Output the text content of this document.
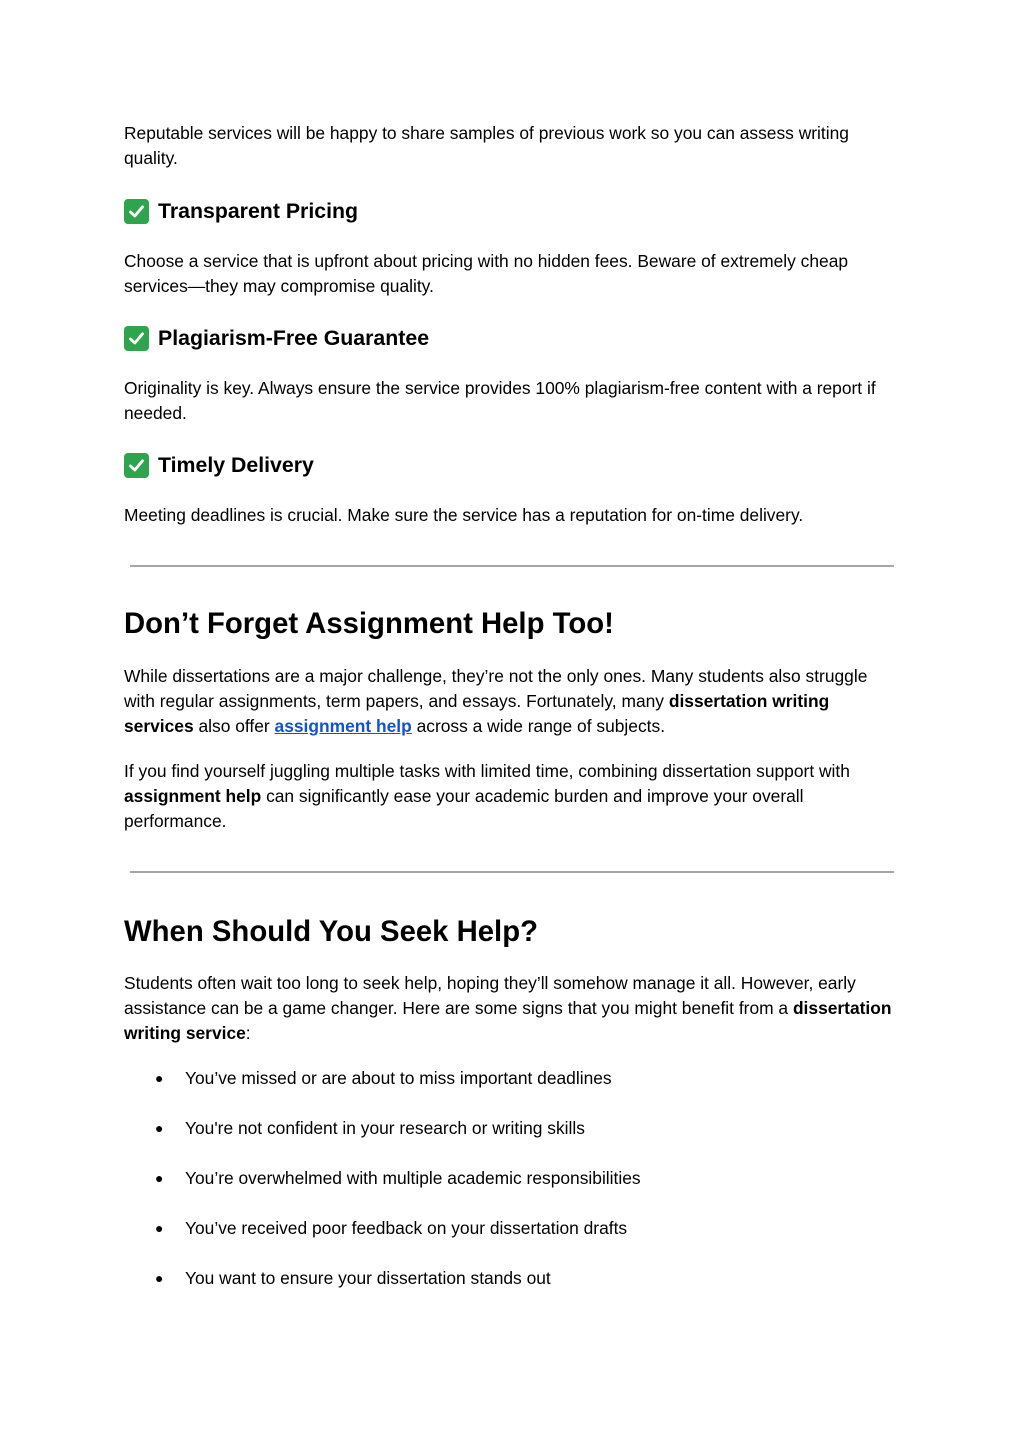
Reputable services will be happy to share samples of previous work so you can assess writing quality.

Transparent Pricing

Choose a service that is upfront about pricing with no hidden fees. Beware of extremely cheap services—they may compromise quality.

Plagiarism-Free Guarantee

Originality is key. Always ensure the service provides 100% plagiarism-free content with a report if needed.

Timely Delivery

Meeting deadlines is crucial. Make sure the service has a reputation for on-time delivery.

Don’t Forget Assignment Help Too!

While dissertations are a major challenge, they’re not the only ones. Many students also struggle with regular assignments, term papers, and essays. Fortunately, many dissertation writing services also offer assignment help across a wide range of subjects.

If you find yourself juggling multiple tasks with limited time, combining dissertation support with assignment help can significantly ease your academic burden and improve your overall performance.

When Should You Seek Help?

Students often wait too long to seek help, hoping they’ll somehow manage it all. However, early assistance can be a game changer. Here are some signs that you might benefit from a dissertation writing service:

● You’ve missed or are about to miss important deadlines
● You're not confident in your research or writing skills
● You’re overwhelmed with multiple academic responsibilities
● You’ve received poor feedback on your dissertation drafts
● You want to ensure your dissertation stands out
